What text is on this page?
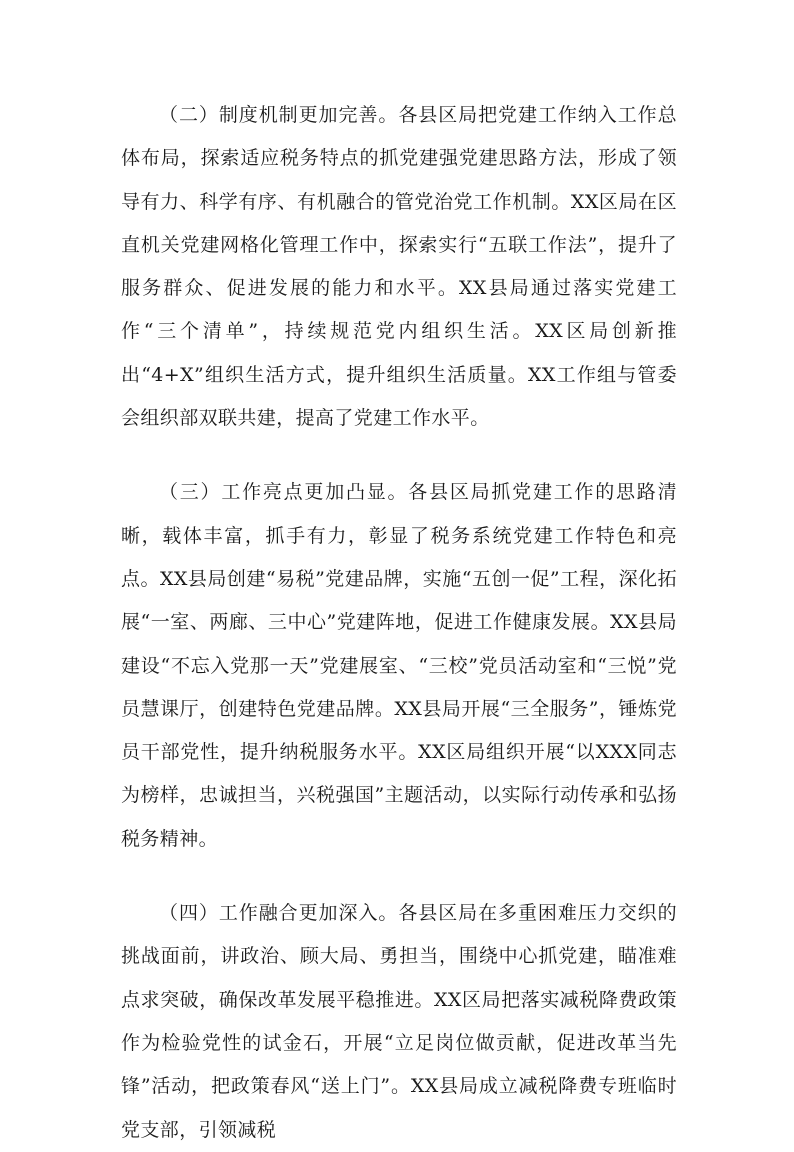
（二）制度机制更加完善。各县区局把党建工作纳入工作总体布局，探索适应税务特点的抓党建强党建思路方法，形成了领导有力、科学有序、有机融合的管党治党工作机制。XX区局在区直机关党建网格化管理工作中，探索实行“五联工作法”，提升了服务群众、促进发展的能力和水平。XX县局通过落实党建工作“三个清单”，持续规范党内组织生活。XX区局创新推出“4+X”组织生活方式，提升组织生活质量。XX工作组与管委会组织部双联共建，提高了党建工作水平。

（三）工作亮点更加凸显。各县区局抓党建工作的思路清晰，载体丰富，抓手有力，彰显了税务系统党建工作特色和亮点。XX县局创建“易税”党建品牌，实施“五创一促”工程，深化拓展“一室、两廊、三中心”党建阵地，促进工作健康发展。XX县局建设“不忘入党那一天”党建展室、“三校”党员活动室和“三悦”党员慧课厅，创建特色党建品牌。XX县局开展“三全服务”，锤炼党员干部党性，提升纳税服务水平。XX区局组织开展“以XXX同志为榜样，忠诚担当，兴税强国”主题活动，以实际行动传承和弘扬税务精神。

（四）工作融合更加深入。各县区局在多重困难压力交织的挑战面前，讲政治、顾大局、勇担当，围绕中心抓党建，瞄准难点求突破，确保改革发展平稳推进。XX区局把落实减税降费政策作为检验党性的试金石，开展“立足岗位做贡献，促进改革当先锋”活动，把政策春风“送上门”。XX县局成立减税降费专班临时党支部，引领减税
